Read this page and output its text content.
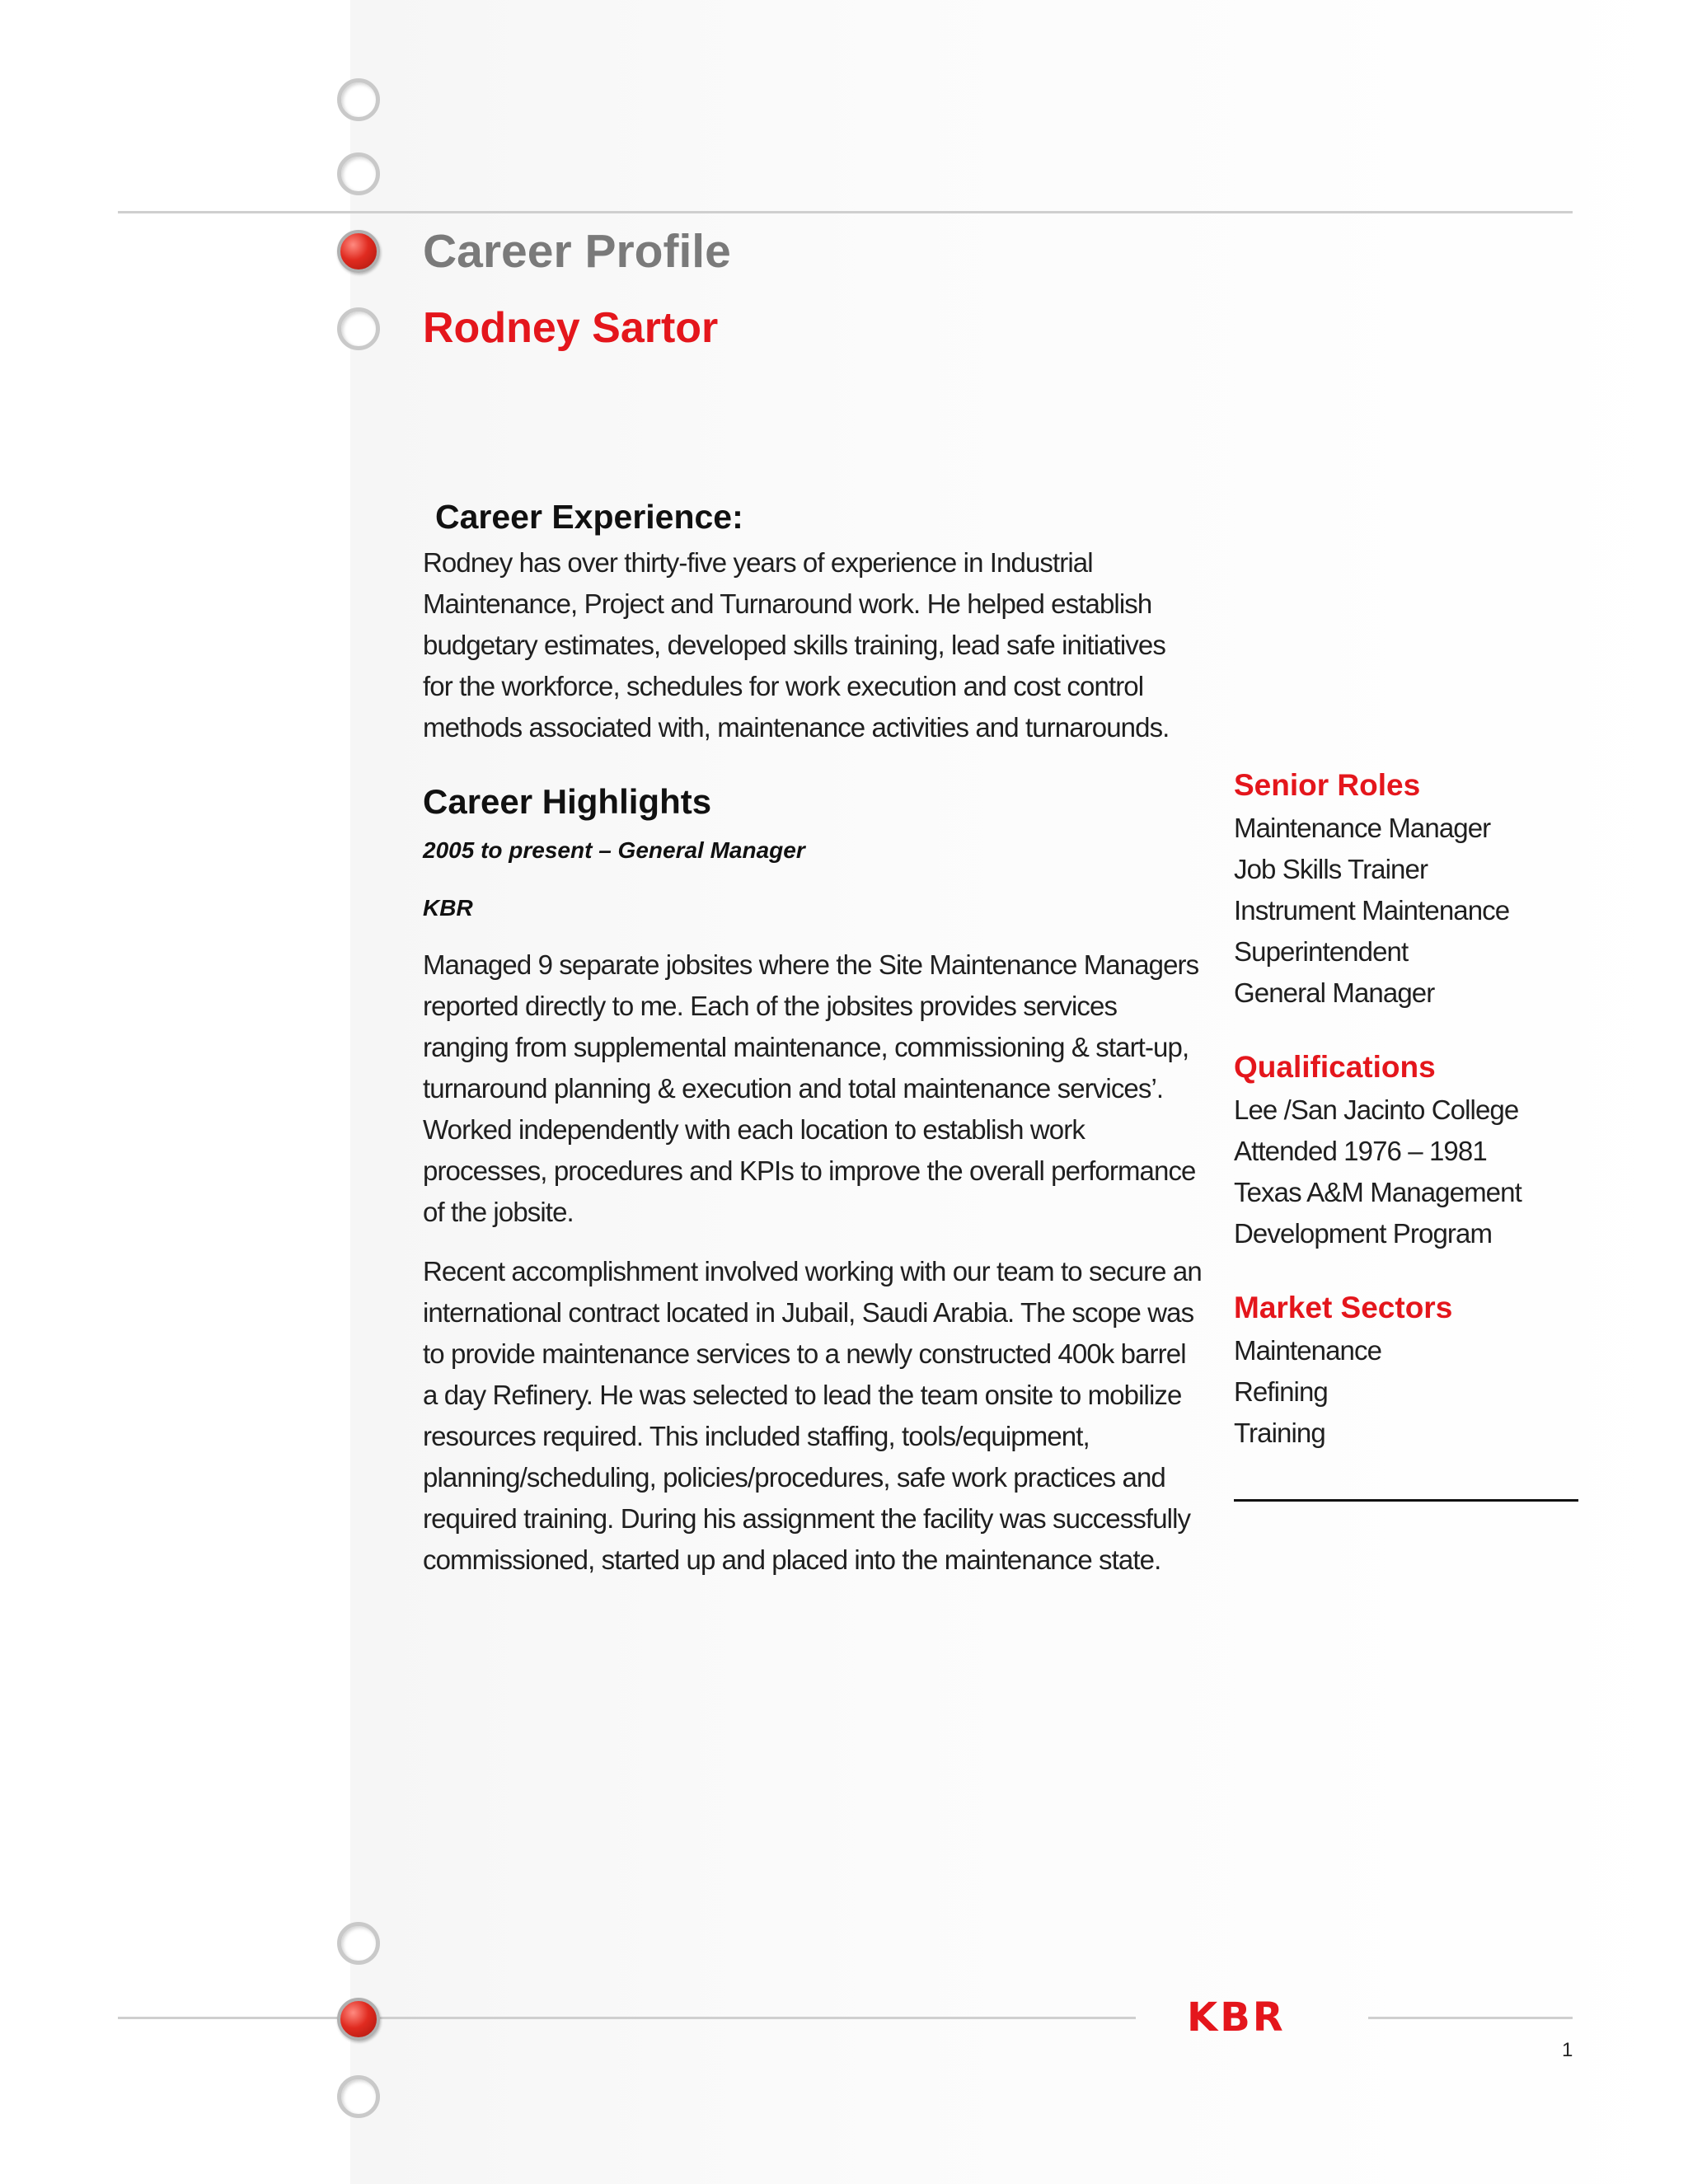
Career Profile
Rodney Sartor
Career Experience:

Rodney has over thirty-five years of experience in Industrial Maintenance, Project and Turnaround work. He helped establish budgetary estimates, developed skills training, lead safe initiatives for the workforce, schedules for work execution and cost control methods associated with, maintenance activities and turnarounds.

Career Highlights

2005 to present – General Manager

KBR

Managed 9 separate jobsites where the Site Maintenance Managers reported directly to me. Each of the jobsites provides services ranging from supplemental maintenance, commissioning & start-up, turnaround planning & execution and total maintenance services’. Worked independently with each location to establish work processes, procedures and KPIs to improve the overall performance of the jobsite.

Recent accomplishment involved working with our team to secure an international contract located in Jubail, Saudi Arabia. The scope was to provide maintenance services to a newly constructed 400k barrel a day Refinery. He was selected to lead the team onsite to mobilize resources required. This included staffing, tools/equipment, planning/scheduling, policies/procedures, safe work practices and required training. During his assignment the facility was successfully commissioned, started up and placed into the maintenance state.

Senior Roles
Maintenance Manager
Job Skills Trainer
Instrument Maintenance
Superintendent
General Manager
Qualifications
Lee /San Jacinto College
Attended 1976 – 1981
Texas A&M Management
Development Program
Market Sectors
Maintenance
Refining
Training
KBR
1
